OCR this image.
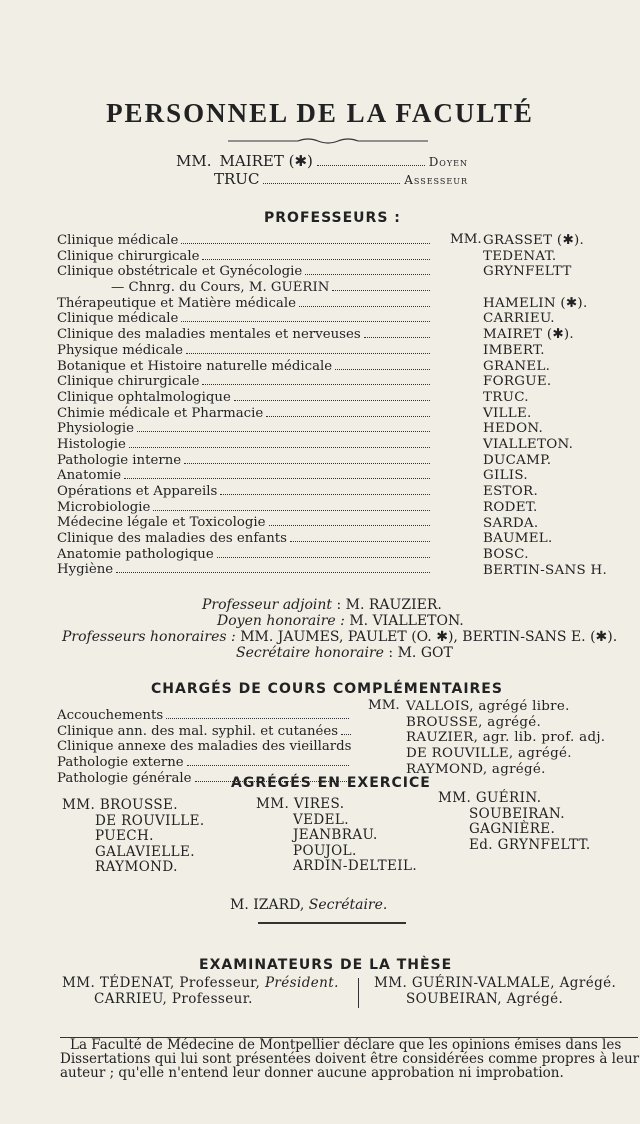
PERSONNEL DE LA FACULTÉ
MM. MAIRET (✱)	Doyen
TRUC	Assesseur
PROFESSEURS :
Clinique médicale
Clinique chirurgicale
Clinique obstétricale et Gynécologie
— Chnrg. du Cours, M. GUÉRIN
Thérapeutique et Matière médicale
Clinique médicale
Clinique des maladies mentales et nerveuses
Physique médicale
Botanique et Histoire naturelle médicale
Clinique chirurgicale
Clinique ophtalmologique
Chimie médicale et Pharmacie
Physiologie
Histologie
Pathologie interne
Anatomie
Opérations et Appareils
Microbiologie
Médecine légale et Toxicologie
Clinique des maladies des enfants
Anatomie pathologique
Hygiène
MM. GRASSET (✱).
TEDENAT.
GRYNFELTT
HAMELIN (✱).
CARRIEU.
MAIRET (✱).
IMBERT.
GRANEL.
FORGUE.
TRUC.
VILLE.
HEDON.
VIALLETON.
DUCAMP.
GILIS.
ESTOR.
RODET.
SARDA.
BAUMEL.
BOSC.
BERTIN-SANS H.
Professeur adjoint : M. RAUZIER.
Doyen honoraire : M. VIALLETON.
Professeurs honoraires : MM. JAUMES, PAULET (O. ✱), BERTIN-SANS E. (✱).
Secrétaire honoraire : M. GOT
CHARGÉS DE COURS COMPLÉMENTAIRES
Accouchements
Clinique ann. des mal. syphil. et cutanées
Clinique annexe des maladies des vieillards
Pathologie externe
Pathologie générale
MM. VALLOIS, agrégé libre.
BROUSSE, agrégé.
RAUZIER, agr. lib. prof. adj.
DE ROUVILLE, agrégé.
RAYMOND, agrégé.
AGRÉGÉS EN EXERCICE
MM. BROUSSE.
DE ROUVILLE.
PUECH.
GALAVIELLE.
RAYMOND.
MM. VIRES.
VEDEL.
JEANBRAU.
POUJOL.
ARDIN-DELTEIL.
MM. GUÉRIN.
SOUBEIRAN.
GAGNIÈRE.
Ed. GRYNFELTT.
M. IZARD, Secrétaire.
EXAMINATEURS DE LA THÈSE
MM. TÉDENAT, Professeur, Président.
CARRIEU, Professeur.
MM. GUÉRIN-VALMALE, Agrégé.
SOUBEIRAN, Agrégé.
La Faculté de Médecine de Montpellier déclare que les opinions émises dans les
Dissertations qui lui sont présentées doivent être considérées comme propres à leur
auteur ; qu'elle n'entend leur donner aucune approbation ni improbation.
